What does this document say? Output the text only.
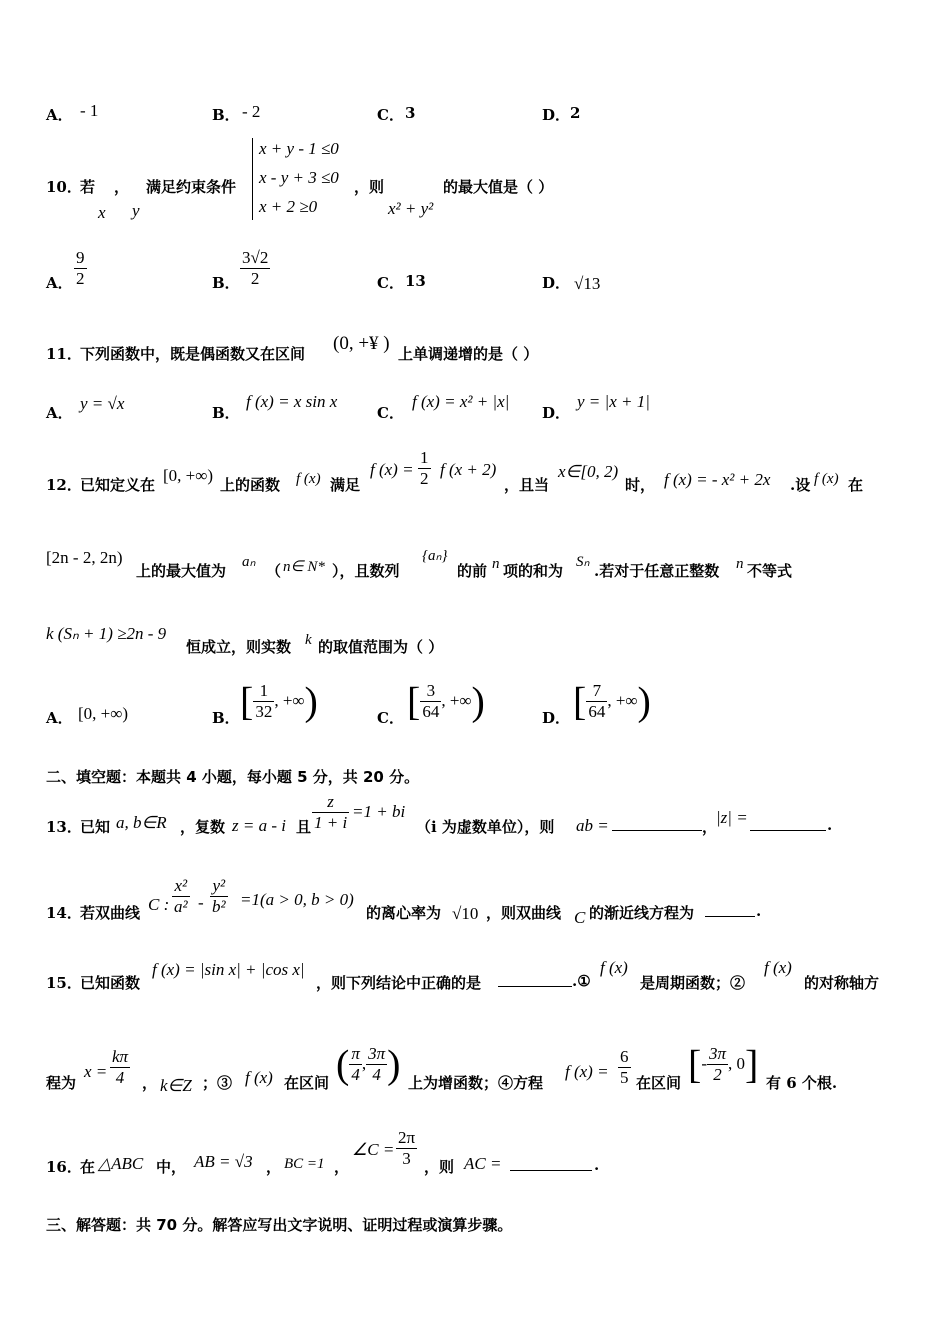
A． - 1	B． - 2	C． 3	D． 2
10．
若 ， 满足约束条件
x y
x + y - 1 ≤0
x - y + 3 ≤0
x + 2 ≥0
，则
x² + y²
的最大值是（ ）
A． $\frac{9}{2}$	B． $\frac{3√2}{2}$	C． 13	D． √13
11．
下列函数中，既是偶函数又在区间 (0, +¥ ) 上单调递增的是（ ）
A． y = √x	B．
f (x) = x sin x
C．
f (x) = x² + |x|
D．
y = |x + 1|
12．
已知定义在 [0, +∞) 上的函数 f (x) 满足
f $(x) = \frac{1}{2}$ f (x + 2)
，且当
x∈[0, 2)
时， f (x) = - x² + 2x .设 f (x) 在
[2n - 2, 2n)
上的最大值为 aₙ （ n∈ N* ），且数列
{aₙ}
的前 n 项的和为 Sₙ .若对于任意正整数 n 不等式
k (Sₙ + 1) ≥2n - 9
恒成立，则实数 k 的取值范围为（ ）
A． [0, +∞)	B． [ $\frac{1}{32}$ , +∞)	C． [ $\frac{3}{64}$ , +∞)	D． [ $\frac{7}{64}$ , +∞)
二、填空题：本题共 4 小题，每小题 5 分，共 20 分。
13．
已知 a, b∈R ，复数 z = a - i 且 $\frac{z}{1 + i} =1$ + bi
（i 为虚数单位），则 ab =	，
|z| =	.
14．
若双曲线 C : $\frac{\text{x²}}{\text{a²}} - \frac{\text{y²}}{\text{b²}} =1(a > 0$, b > 0)
的离心率为 √10 ，则双曲线 C 的渐近线方程为	.
15．
已知函数
f (x) = |sin x| + |cos x|
，则下列结论中正确的是	.①
f (x)
是周期函数；②
f (x)
的对称轴方
程为
$x = \frac{k\pi}{4}$ ， k∈Z ；③ f (x) 在区间 ( $\frac{\pi}{4}$ , $\frac{3\pi}{4}$ ) 上为增函数；④方程
f $(x) = \frac{6}{5}$ 在区间 [- $\frac{3\pi}{2}$ , 0] 有 6 个根.
16．
在 △ABC 中， AB = √3 ， BC =1 ，
∠C = $\frac{2\pi}{3}$ ，则 AC =	.
三、解答题：共 70 分。解答应写出文字说明、证明过程或演算步骤。
